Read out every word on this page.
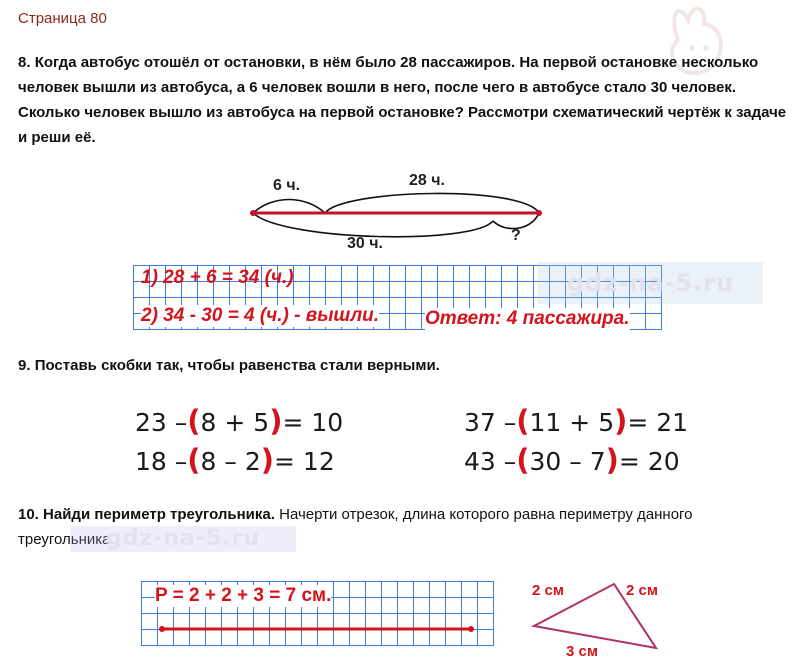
Страница 80
8. Когда автобус отошёл от остановки, в нём было 28 пассажиров. На первой остановке несколько человек вышли из автобуса, а 6 человек вошли в него, после чего в автобусе стало 30 человек. Сколько человек вышло из автобуса на первой остановке? Рассмотри схематический чертёж к задаче и реши её.
6 ч.	28 ч.
30 ч.	?
1) 28 + 6 = 34 (ч.)
2) 34 - 30 = 4 (ч.) - вышли. Ответ: 4 пассажира.
gdz-na-5.ru
9. Поставь скобки так, чтобы равенства стали верными.
23 –(8 + 5)= 10
18 –(8 – 2)= 12
37 –(11 + 5)= 21
43 –(30 – 7)= 20
10. Найди периметр треугольника. Начерти отрезок, длина которого равна периметру данного треугольника.
gdz-na-5.ru
P = 2 + 2 + 3 = 7 см.	2 см	2 см
3 см
